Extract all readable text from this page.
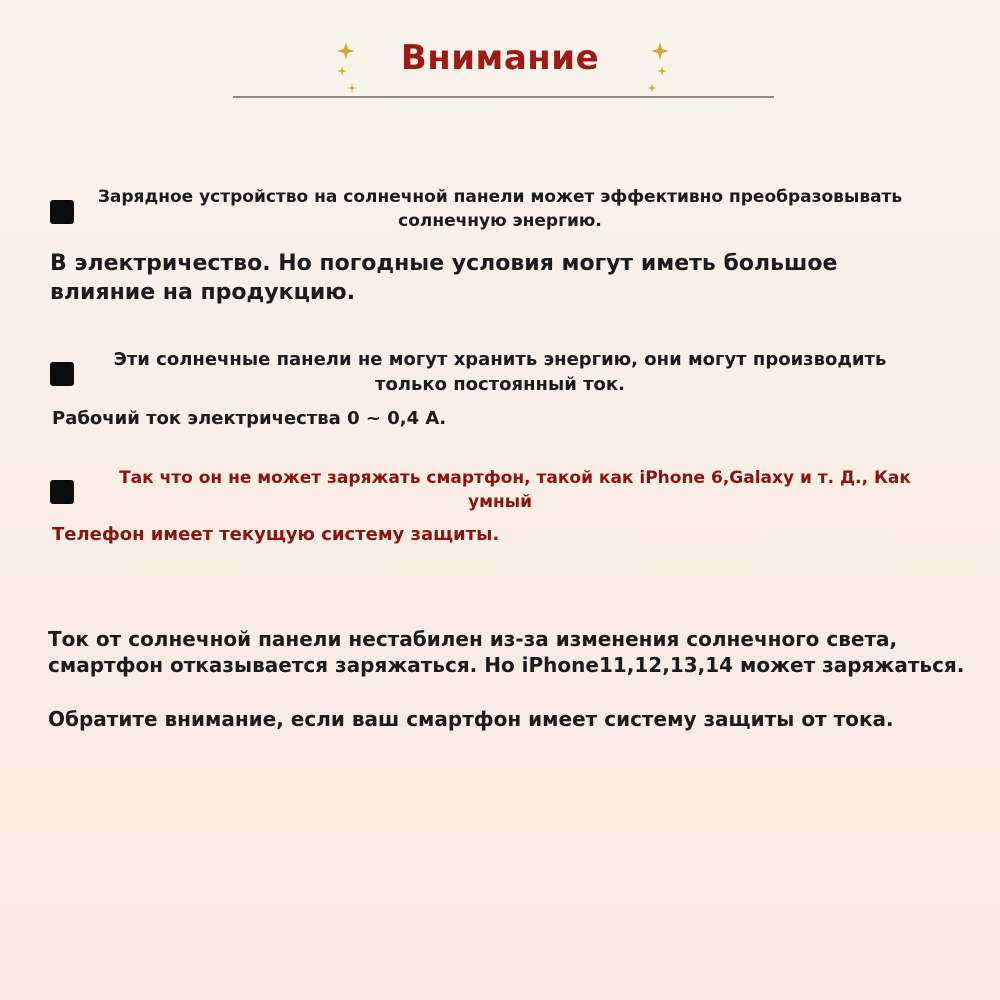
Внимание
Зарядное устройство на солнечной панели может эффективно преобразовывать
солнечную энергию.
В электричество. Но погодные условия могут иметь большое
влияние на продукцию.
Эти солнечные панели не могут хранить энергию, они могут производить
только постоянный ток.
Рабочий ток электричества 0 ~ 0,4 А.
Так что он не может заряжать смартфон, такой как iPhone 6,Galaxy и т. Д., Как
умный
Телефон имеет текущую систему защиты.
Ток от солнечной панели нестабилен из-за изменения солнечного света,
смартфон отказывается заряжаться. Но iPhone11,12,13,14 может заряжаться.
Обратите внимание, если ваш смартфон имеет систему защиты от тока.
